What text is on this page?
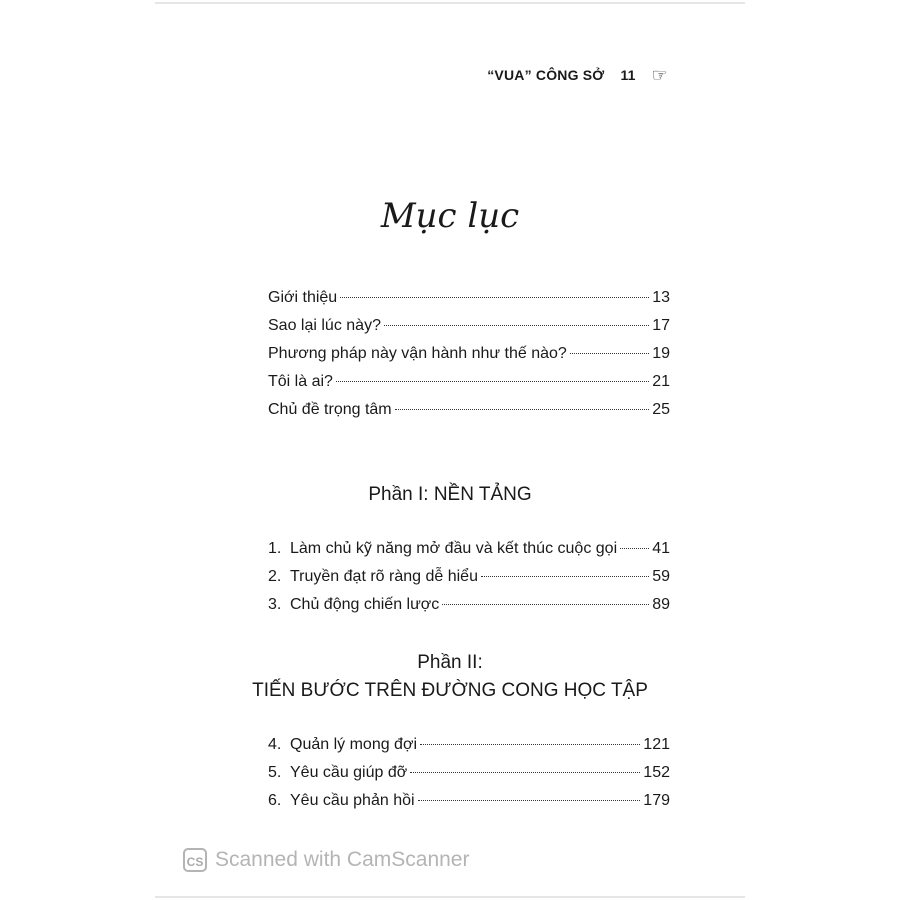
“VUA” CÔNG SỞ 11 ☞
Mục lục
Giới thiệu	13
Sao lại lúc này?	17
Phương pháp này vận hành như thế nào?	19
Tôi là ai?	21
Chủ đề trọng tâm	25
Phần I: NỀN TẢNG
1. Làm chủ kỹ năng mở đầu và kết thúc cuộc gọi 41
2. Truyền đạt rõ ràng dễ hiểu	59
3. Chủ động chiến lược	89
Phần II:
TIẾN BƯỚC TRÊN ĐƯỜNG CONG HỌC TẬP
4. Quản lý mong đợi	121
5. Yêu cầu giúp đỡ	152
6. Yêu cầu phản hồi	179
CS Scanned with CamScanner
